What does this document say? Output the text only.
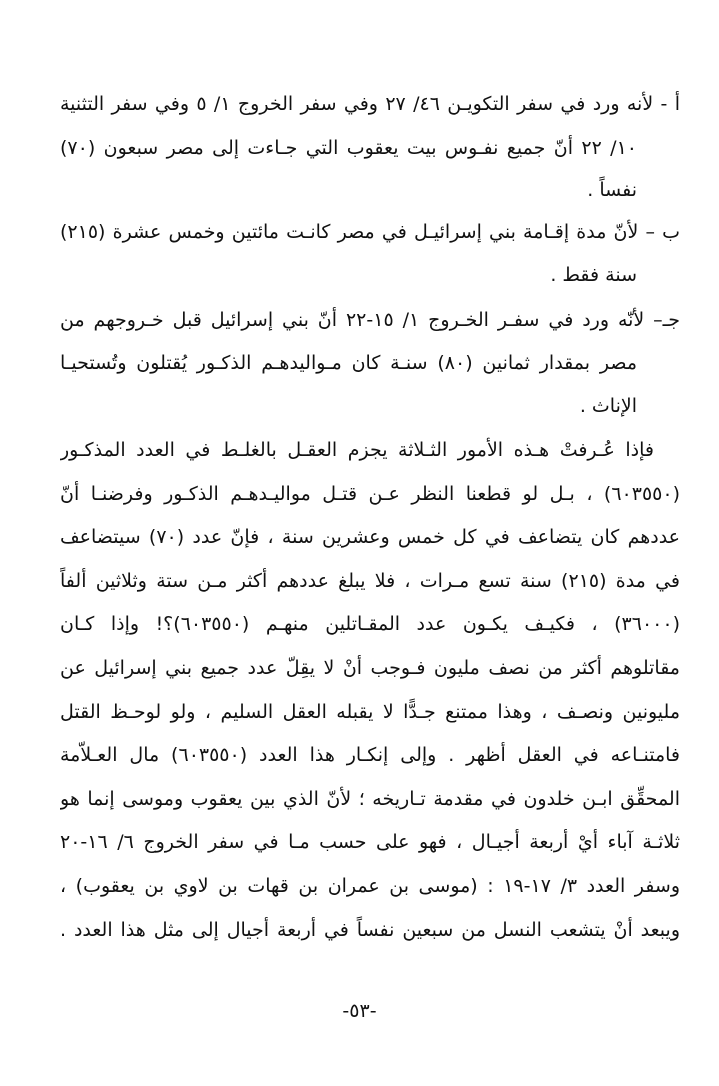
أ - لأنه ورد في سفر التكويـن ٤٦/ ٢٧ وفي سفر الخروج ١/ ٥ وفي سفر التثنية
١٠/ ٢٢ أنّ جميع نفـوس بيت يعقوب التي جـاءت إلى مصر سبعون (٧٠)
نفساً .
ب – لأنّ مدة إقـامة بني إسرائيـل في مصر كانـت مائتين وخمس عشرة (٢١٥)
سنة فقط .
جـ– لأنّه ورد في سفـر الخـروج ١/ ١٥-٢٢ أنّ بني إسرائيل قبل خـروجهم من
مصر بمقدار ثمانين (٨٠) سنـة كان مـواليدهـم الذكـور يُقتلون وتُستحيـا
الإناث .
فإذا عُـرفتْ هـذه الأمور الثـلاثة يجزم العقـل بالغلـط في العدد المذكـور
(٦٠٣٥٥٠) ، بـل لو قطعنا النظر عـن قتـل مواليـدهـم الذكـور وفرضنـا أنّ
عددهم كان يتضاعف في كل خمس وعشرين سنة ، فإنّ عدد (٧٠) سيتضاعف
في مدة (٢١٥) سنة تسع مـرات ، فلا يبلغ عددهم أكثر مـن ستة وثلاثين ألفاً
(٣٦٠٠٠) ، فكيـف يكـون عدد المقـاتلين منهـم (٦٠٣٥٥٠)؟! وإذا كـان
مقاتلوهم أكثر من نصف مليون فـوجب أنْ لا يقِلّ عدد جميع بني إسرائيل عن
مليونين ونصـف ، وهذا ممتنع جـدًّا لا يقبله العقل السليم ، ولو لوحـظ القتل
فامتنـاعه في العقل أظهر . وإلى إنكـار هذا العدد (٦٠٣٥٥٠) مال العـلاّمة
المحقِّق ابـن خلدون في مقدمة تـاريخه ؛ لأنّ الذي بين يعقوب وموسى إنما هو
ثلاثـة آباء أيْ أربعة أجيـال ، فهو على حسب مـا في سفر الخروج ٦/ ١٦-٢٠
وسفر العدد ٣/ ١٧-١٩ : (موسى بن عمران بن قهات بن لاوي بن يعقوب) ،
ويبعد أنْ يتشعب النسل من سبعين نفساً في أربعة أجيال إلى مثل هذا العدد .
-٥٣-
